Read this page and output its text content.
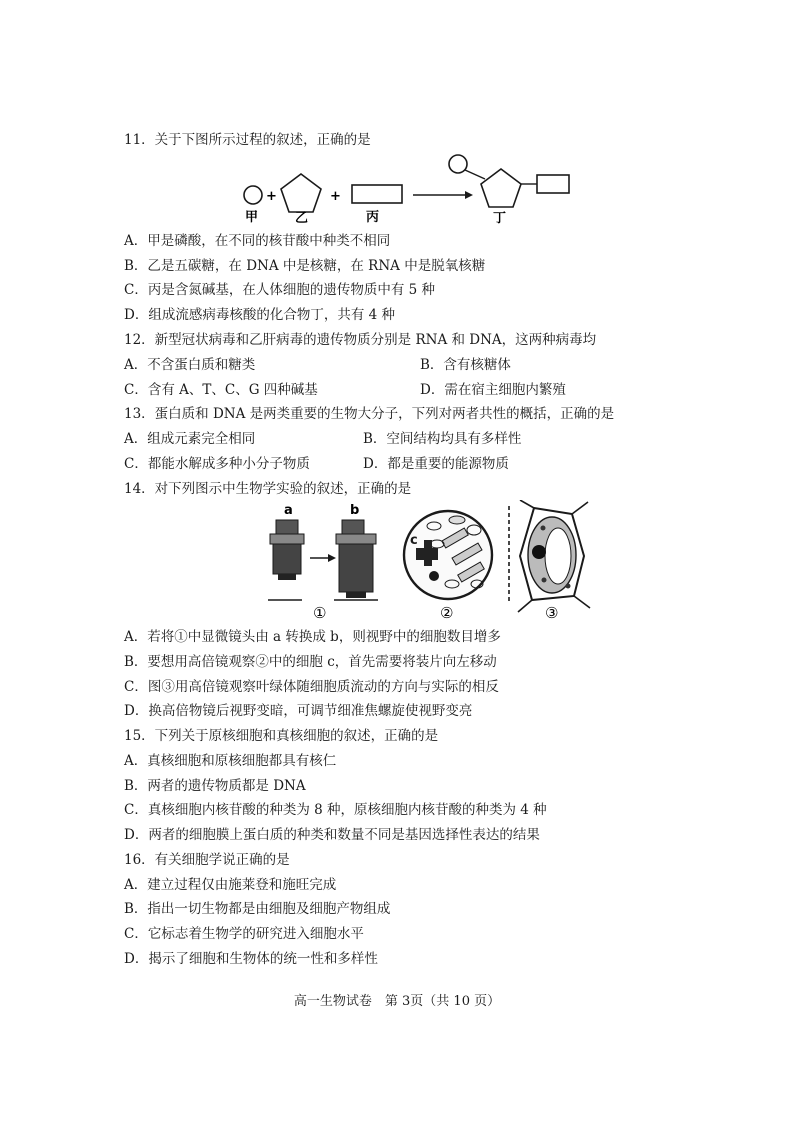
11．关于下图所示过程的叙述，正确的是
甲
+
乙
+
丙	丁
A．甲是磷酸，在不同的核苷酸中种类不相同
B．乙是五碳糖，在 DNA 中是核糖，在 RNA 中是脱氧核糖
C．丙是含氮碱基，在人体细胞的遗传物质中有 5 种
D．组成流感病毒核酸的化合物丁，共有 4 种
12．新型冠状病毒和乙肝病毒的遗传物质分别是 RNA 和 DNA，这两种病毒均
A．不含蛋白质和糖类	B．含有核糖体
C．含有 A、T、C、G 四种碱基	D．需在宿主细胞内繁殖
13．蛋白质和 DNA 是两类重要的生物大分子，下列对两者共性的概括，正确的是
A．组成元素完全相同	B．空间结构均具有多样性
C．都能水解成多种小分子物质	D．都是重要的能源物质
14．对下列图示中生物学实验的叙述，正确的是
a	b
①
c
②	③
A．若将①中显微镜头由 a 转换成 b，则视野中的细胞数目增多
B．要想用高倍镜观察②中的细胞 c，首先需要将装片向左移动
C．图③用高倍镜观察叶绿体随细胞质流动的方向与实际的相反
D．换高倍物镜后视野变暗，可调节细准焦螺旋使视野变亮
15．下列关于原核细胞和真核细胞的叙述，正确的是
A．真核细胞和原核细胞都具有核仁
B．两者的遗传物质都是 DNA
C．真核细胞内核苷酸的种类为 8 种，原核细胞内核苷酸的种类为 4 种
D．两者的细胞膜上蛋白质的种类和数量不同是基因选择性表达的结果
16．有关细胞学说正确的是
A．建立过程仅由施莱登和施旺完成
B．指出一切生物都是由细胞及细胞产物组成
C．它标志着生物学的研究进入细胞水平
D．揭示了细胞和生物体的统一性和多样性
高一生物试卷　第 3页（共 10 页）
